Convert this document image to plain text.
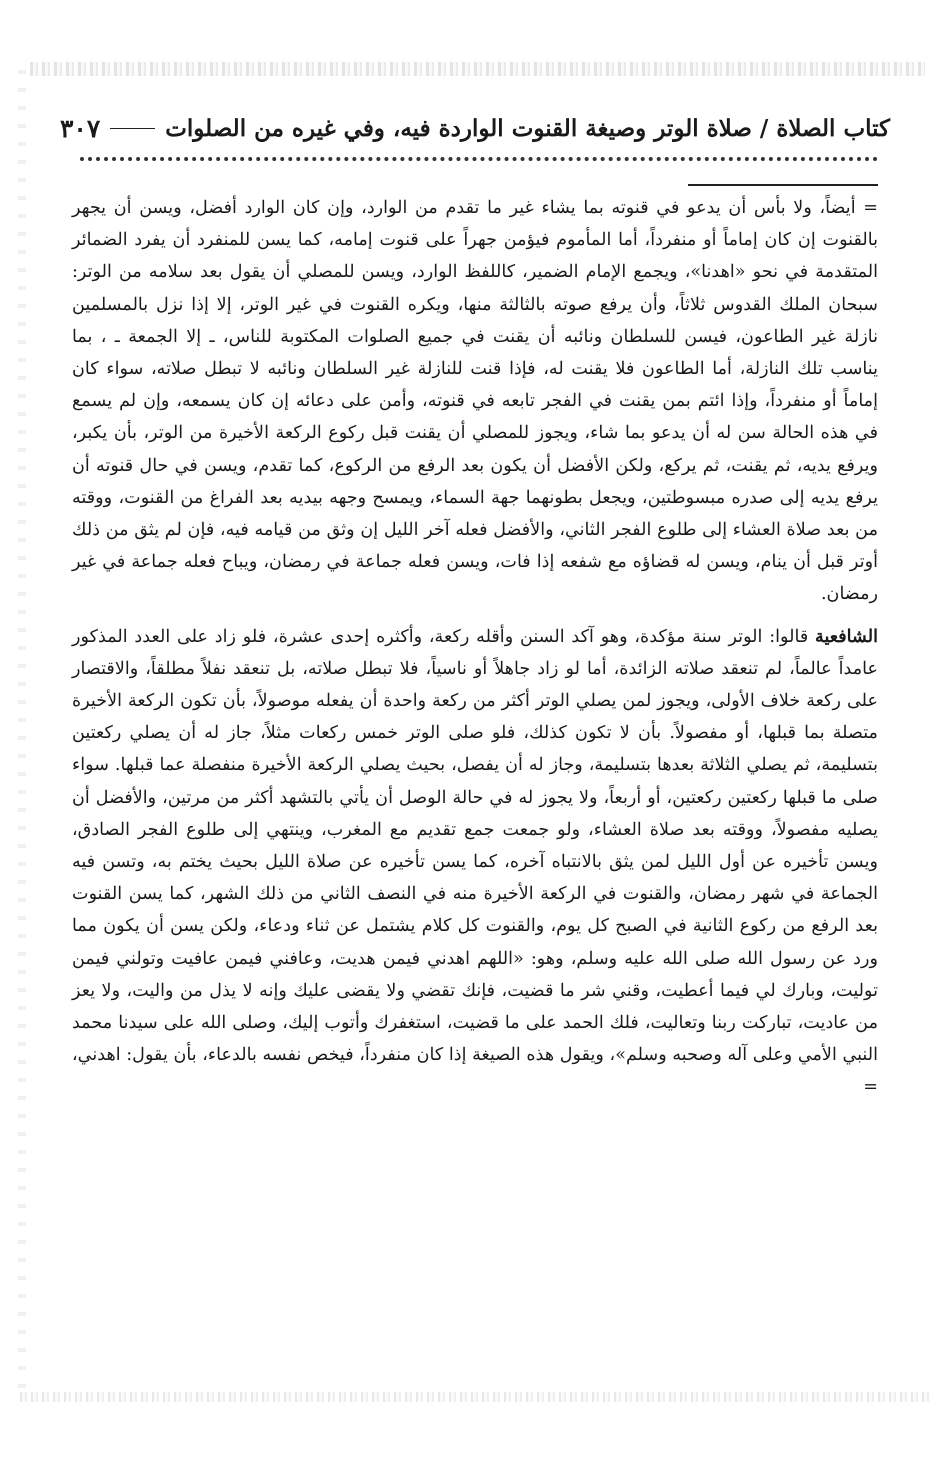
كتاب الصلاة / صلاة الوتر وصيغة القنوت الواردة فيه، وفي غيره من الصلوات
٣٠٧

= أيضاً، ولا بأس أن يدعو في قنوته بما يشاء غير ما تقدم من الوارد، وإن كان الوارد أفضل، ويسن أن يجهر بالقنوت إن كان إماماً أو منفرداً، أما المأموم فيؤمن جهراً على قنوت إمامه، كما يسن للمنفرد أن يفرد الضمائر المتقدمة في نحو «اهدنا»، ويجمع الإمام الضمير، كاللفظ الوارد، ويسن للمصلي أن يقول بعد سلامه من الوتر: سبحان الملك القدوس ثلاثاً، وأن يرفع صوته بالثالثة منها، ويكره القنوت في غير الوتر، إلا إذا نزل بالمسلمين نازلة غير الطاعون، فيسن للسلطان ونائبه أن يقنت في جميع الصلوات المكتوبة للناس، ـ إلا الجمعة ـ ، بما يناسب تلك النازلة، أما الطاعون فلا يقنت له، فإذا قنت للنازلة غير السلطان ونائبه لا تبطل صلاته، سواء كان إماماً أو منفرداً، وإذا ائتم بمن يقنت في الفجر تابعه في قنوته، وأمن على دعائه إن كان يسمعه، وإن لم يسمع في هذه الحالة سن له أن يدعو بما شاء، ويجوز للمصلي أن يقنت قبل ركوع الركعة الأخيرة من الوتر، بأن يكبر، ويرفع يديه، ثم يقنت، ثم يركع، ولكن الأفضل أن يكون بعد الرفع من الركوع، كما تقدم، ويسن في حال قنوته أن يرفع يديه إلى صدره مبسوطتين، ويجعل بطونهما جهة السماء، ويمسح وجهه بيديه بعد الفراغ من القنوت، ووقته من بعد صلاة العشاء إلى طلوع الفجر الثاني، والأفضل فعله آخر الليل إن وثق من قيامه فيه، فإن لم يثق من ذلك أوتر قبل أن ينام، ويسن له قضاؤه مع شفعه إذا فات، ويسن فعله جماعة في رمضان، ويباح فعله جماعة في غير رمضان.

الشافعية قالوا: الوتر سنة مؤكدة، وهو آكد السنن وأقله ركعة، وأكثره إحدى عشرة، فلو زاد على العدد المذكور عامداً عالماً، لم تنعقد صلاته الزائدة، أما لو زاد جاهلاً أو ناسياً، فلا تبطل صلاته، بل تنعقد نفلاً مطلقاً، والاقتصار على ركعة خلاف الأولى، ويجوز لمن يصلي الوتر أكثر من ركعة واحدة أن يفعله موصولاً، بأن تكون الركعة الأخيرة متصلة بما قبلها، أو مفصولاً. بأن لا تكون كذلك، فلو صلى الوتر خمس ركعات مثلاً، جاز له أن يصلي ركعتين بتسليمة، ثم يصلي الثلاثة بعدها بتسليمة، وجاز له أن يفصل، بحيث يصلي الركعة الأخيرة منفصلة عما قبلها. سواء صلى ما قبلها ركعتين ركعتين، أو أربعاً، ولا يجوز له في حالة الوصل أن يأتي بالتشهد أكثر من مرتين، والأفضل أن يصليه مفصولاً، ووقته بعد صلاة العشاء، ولو جمعت جمع تقديم مع المغرب، وينتهي إلى طلوع الفجر الصادق، ويسن تأخيره عن أول الليل لمن يثق بالانتباه آخره، كما يسن تأخيره عن صلاة الليل بحيث يختم به، وتسن فيه الجماعة في شهر رمضان، والقنوت في الركعة الأخيرة منه في النصف الثاني من ذلك الشهر، كما يسن القنوت بعد الرفع من ركوع الثانية في الصبح كل يوم، والقنوت كل كلام يشتمل عن ثناء ودعاء، ولكن يسن أن يكون مما ورد عن رسول الله صلى الله عليه وسلم، وهو: «اللهم اهدني فيمن هديت، وعافني فيمن عافيت وتولني فيمن توليت، وبارك لي فيما أعطيت، وقني شر ما قضيت، فإنك تقضي ولا يقضى عليك وإنه لا يذل من واليت، ولا يعز من عاديت، تباركت ربنا وتعاليت، فلك الحمد على ما قضيت، استغفرك وأتوب إليك، وصلى الله على سيدنا محمد النبي الأمي وعلى آله وصحبه وسلم»، ويقول هذه الصيغة إذا كان منفرداً، فيخص نفسه بالدعاء، بأن يقول: اهدني، =
